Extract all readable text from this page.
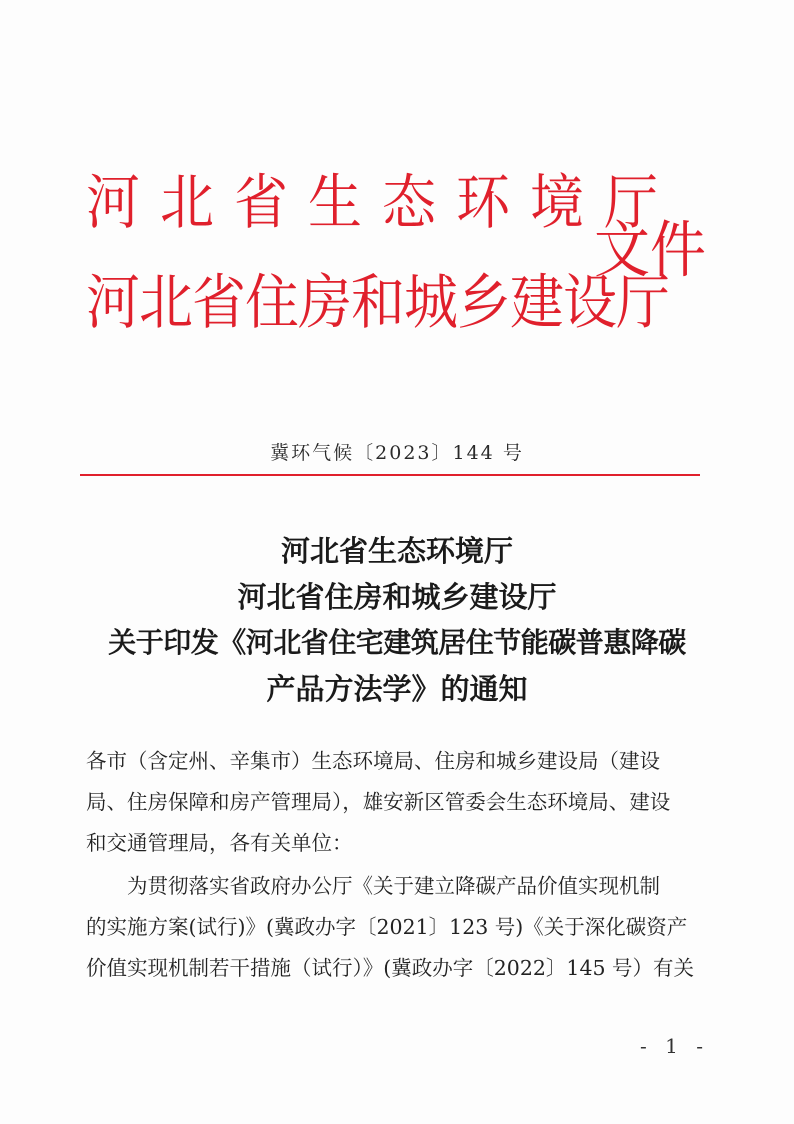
河北省生态环境厅
河北省住房和城乡建设厅
文件
冀环气候〔2023〕144 号
河北省生态环境厅
河北省住房和城乡建设厅
关于印发《河北省住宅建筑居住节能碳普惠降碳
产品方法学》的通知
各市（含定州、辛集市）生态环境局、住房和城乡建设局（建设
局、住房保障和房产管理局），雄安新区管委会生态环境局、建设
和交通管理局，各有关单位：
为贯彻落实省政府办公厅《关于建立降碳产品价值实现机制
的实施方案(试行)》(冀政办字〔2021〕123 号)《关于深化碳资产
价值实现机制若干措施（试行）》(冀政办字〔2022〕145 号）有关
- 1 -
